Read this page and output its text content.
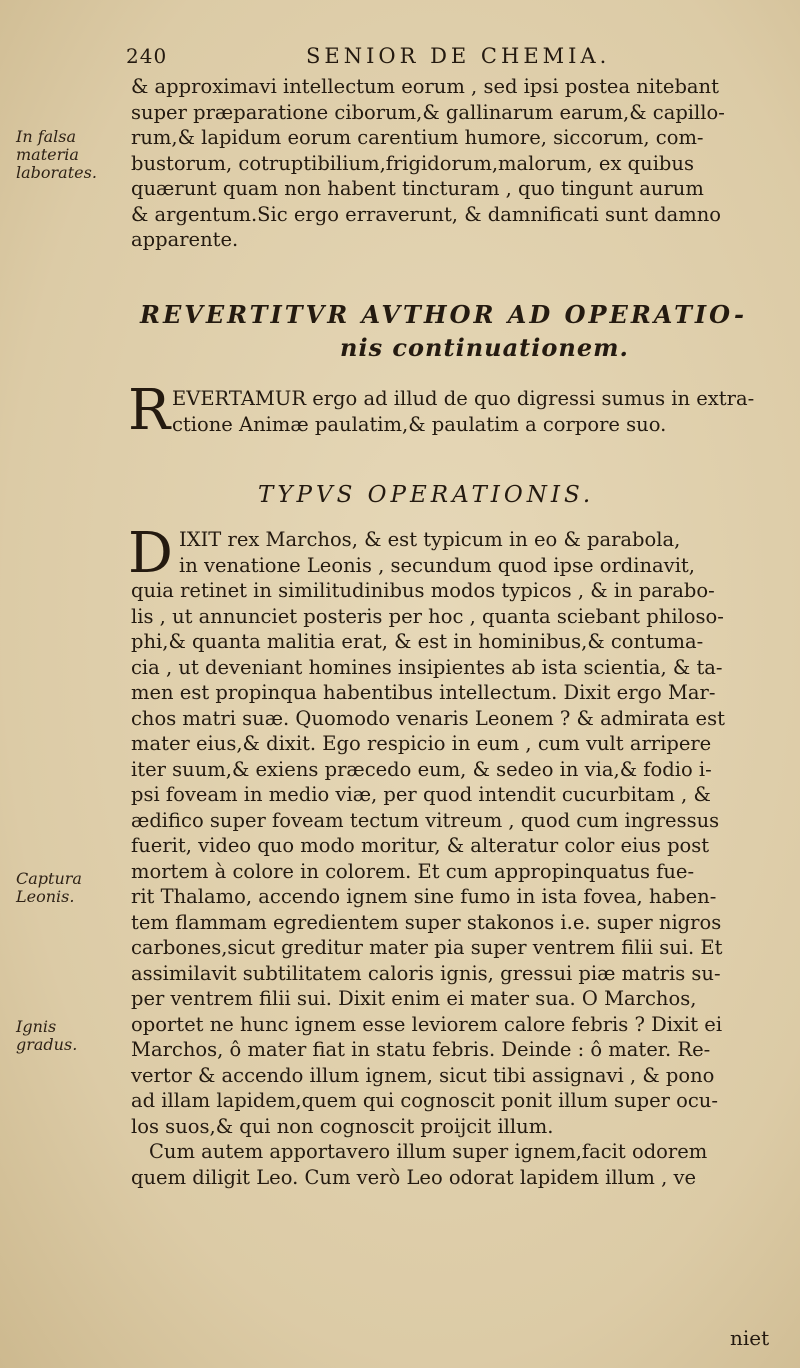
240	SENIOR DE CHEMIA.
In falsa materia laborates.
Captura Leonis.
Ignis gradus.
& approximavi intellectum eorum , sed ipsi postea nitebant
super præparatione ciborum,& gallinarum earum,& capillo-
rum,& lapidum eorum carentium humore, siccorum, com-
bustorum, cotruptibilium,frigidorum,malorum, ex quibus
quærunt quam non habent tincturam , quo tingunt aurum
& argentum.Sic ergo erraverunt, & damnificati sunt damno
apparente.
REVERTITVR AVTHOR AD OPERATIO-
nis continuationem.
R EVERTAMUR ergo ad illud de quo digressi sumus in extra-
ctione Animæ paulatim,& paulatim a corpore suo.
TYPVS OPERATIONIS.
D IXIT rex Marchos, & est typicum in eo & parabola,
in venatione Leonis , secundum quod ipse ordinavit,
quia retinet in similitudinibus modos typicos , & in parabo-
lis , ut annunciet posteris per hoc , quanta sciebant philoso-
phi,& quanta malitia erat, & est in hominibus,& contuma-
cia , ut deveniant homines insipientes ab ista scientia, & ta-
men est propinqua habentibus intellectum. Dixit ergo Mar-
chos matri suæ. Quomodo venaris Leonem ? & admirata est
mater eius,& dixit. Ego respicio in eum , cum vult arripere
iter suum,& exiens præcedo eum, & sedeo in via,& fodio i-
psi foveam in medio viæ, per quod intendit cucurbitam , &
ædifico super foveam tectum vitreum , quod cum ingressus
fuerit, video quo modo moritur, & alteratur color eius post
mortem à colore in colorem. Et cum appropinquatus fue-
rit Thalamo, accendo ignem sine fumo in ista fovea, haben-
tem flammam egredientem super stakonos i.e. super nigros
carbones,sicut greditur mater pia super ventrem filii sui. Et
assimilavit subtilitatem caloris ignis, gressui piæ matris su-
per ventrem filii sui. Dixit enim ei mater sua. O Marchos,
oportet ne hunc ignem esse leviorem calore febris ? Dixit ei
Marchos, ô mater fiat in statu febris. Deinde : ô mater. Re-
vertor & accendo illum ignem, sicut tibi assignavi , & pono
ad illam lapidem,quem qui cognoscit ponit illum super ocu-
los suos,& qui non cognoscit proijcit illum.
Cum autem apportavero illum super ignem,facit odorem
quem diligit Leo. Cum verò Leo odorat lapidem illum , ve
niet
